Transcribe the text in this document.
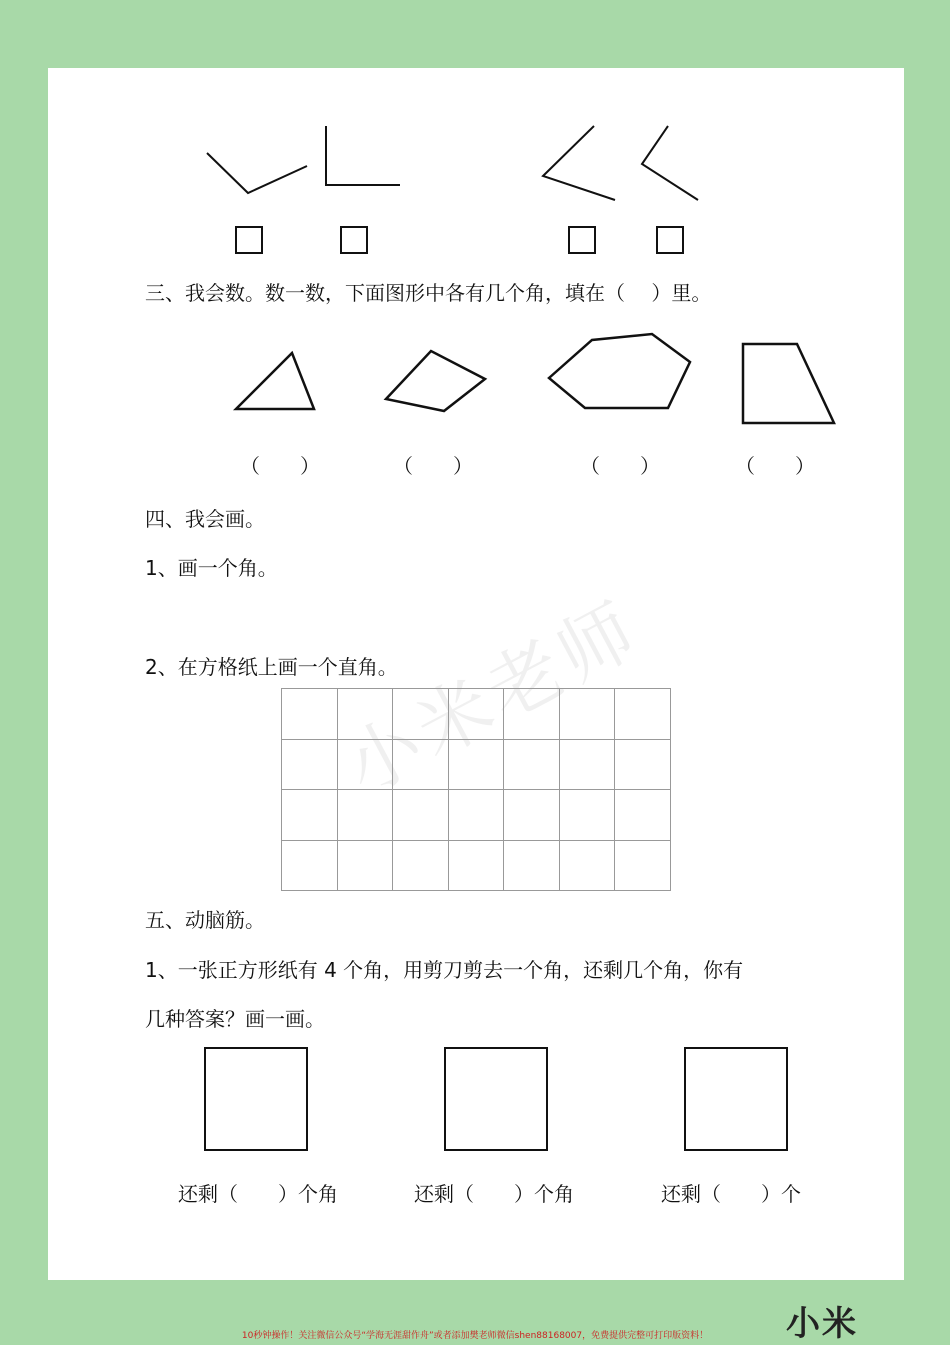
小米老师
三、我会数。数一数，下面图形中各有几个角，填在（　 ）里。
（　　）	（　　）	（　　）	（　　）
四、我会画。
1、画一个角。
2、在方格纸上画一个直角。

五、动脑筋。
1、一张正方形纸有 4 个角，用剪刀剪去一个角，还剩几个角，你有
几种答案？画一画。
还剩（　　）个角	还剩（　　）个角	还剩（　　）个
小米
10秒钟操作！关注微信公众号“学海无涯甜作舟”或者添加樊老师微信shen88168007，免费提供完整可打印版资料！
